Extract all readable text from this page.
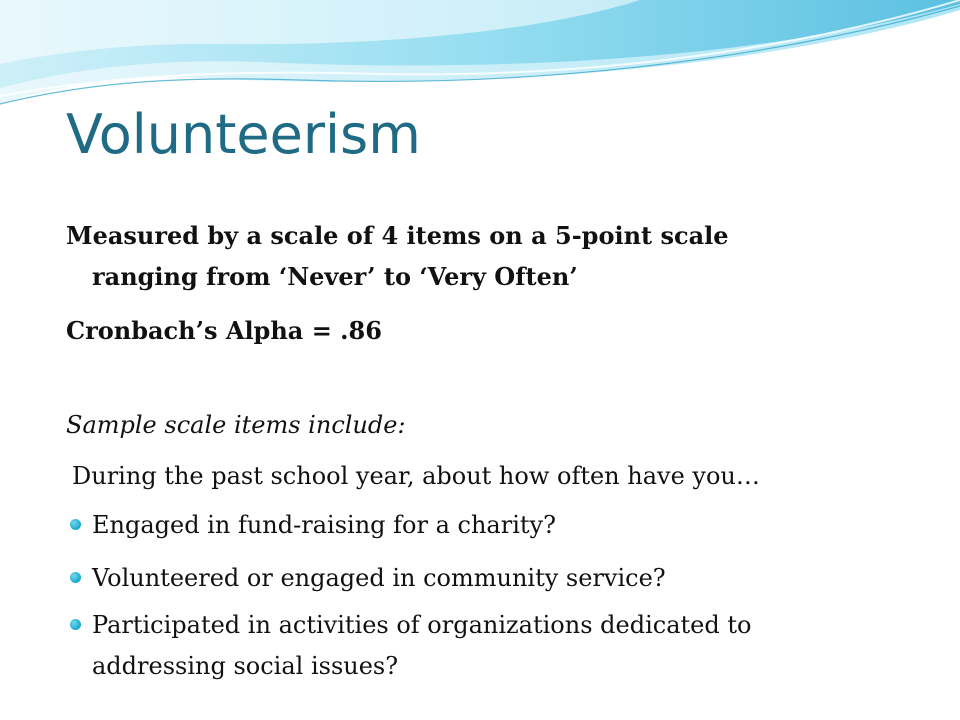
Volunteerism
Measured by a scale of 4 items on a 5-point scale
ranging from ‘Never’ to ‘Very Often’
Cronbach’s Alpha = .86
Sample scale items include:
During the past school year, about how often have you…
Engaged in fund-raising for a charity?
Volunteered or engaged in community service?
Participated in activities of organizations dedicated to
addressing social issues?
